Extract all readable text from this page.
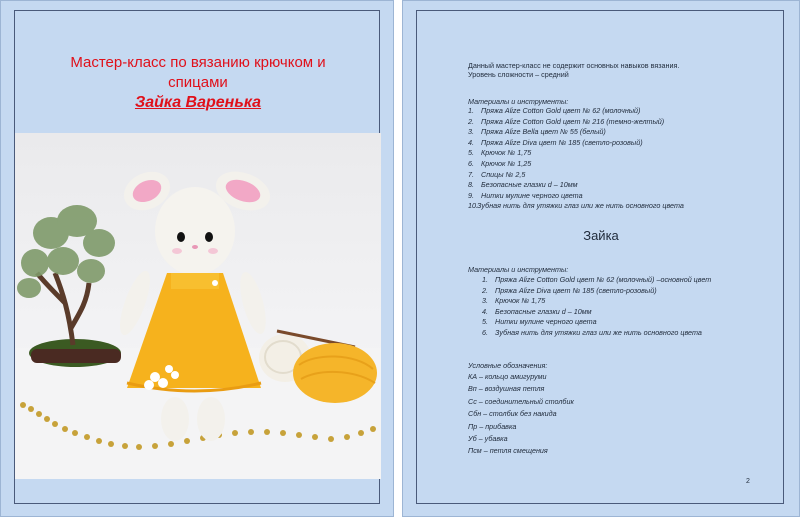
Мастер-класс по вязанию крючком и
спицами
Зайка Варенька
Данный мастер-класс не содержит основных навыков вязания.
Уровень сложности – средний
Материалы и инструменты:
1. Пряжа Alize Cotton Gold цвет № 62 (молочный)
2. Пряжа Alize Cotton Gold цвет № 216 (темно-желтый)
3. Пряжа Alize Bella цвет № 55 (белый)
4. Пряжа Alize Diva цвет № 185 (светло-розовый)
5. Крючок № 1,75
6. Крючок № 1,25
7. Спицы № 2,5
8. Безопасные глазки d – 10мм
9. Нитки мулине черного цвета
10.Зубная нить для утяжки глаз или же нить основного цвета
Зайка
Материалы и инструменты:
1. Пряжа Alize Cotton Gold цвет № 62 (молочный) –основной цвет
2. Пряжа Alize Diva цвет № 185 (светло-розовый)
3. Крючок № 1,75
4. Безопасные глазки d – 10мм
5. Нитки мулине черного цвета
6. Зубная нить для утяжки глаз или же нить основного цвета
Условные обозначения:
КА – кольцо амигуруми
Вп – воздушная петля
Сс – соединительный столбик
Сбн – столбик без накида
Пр – прибавка
Уб – убавка
Псм – петля смещения
2
